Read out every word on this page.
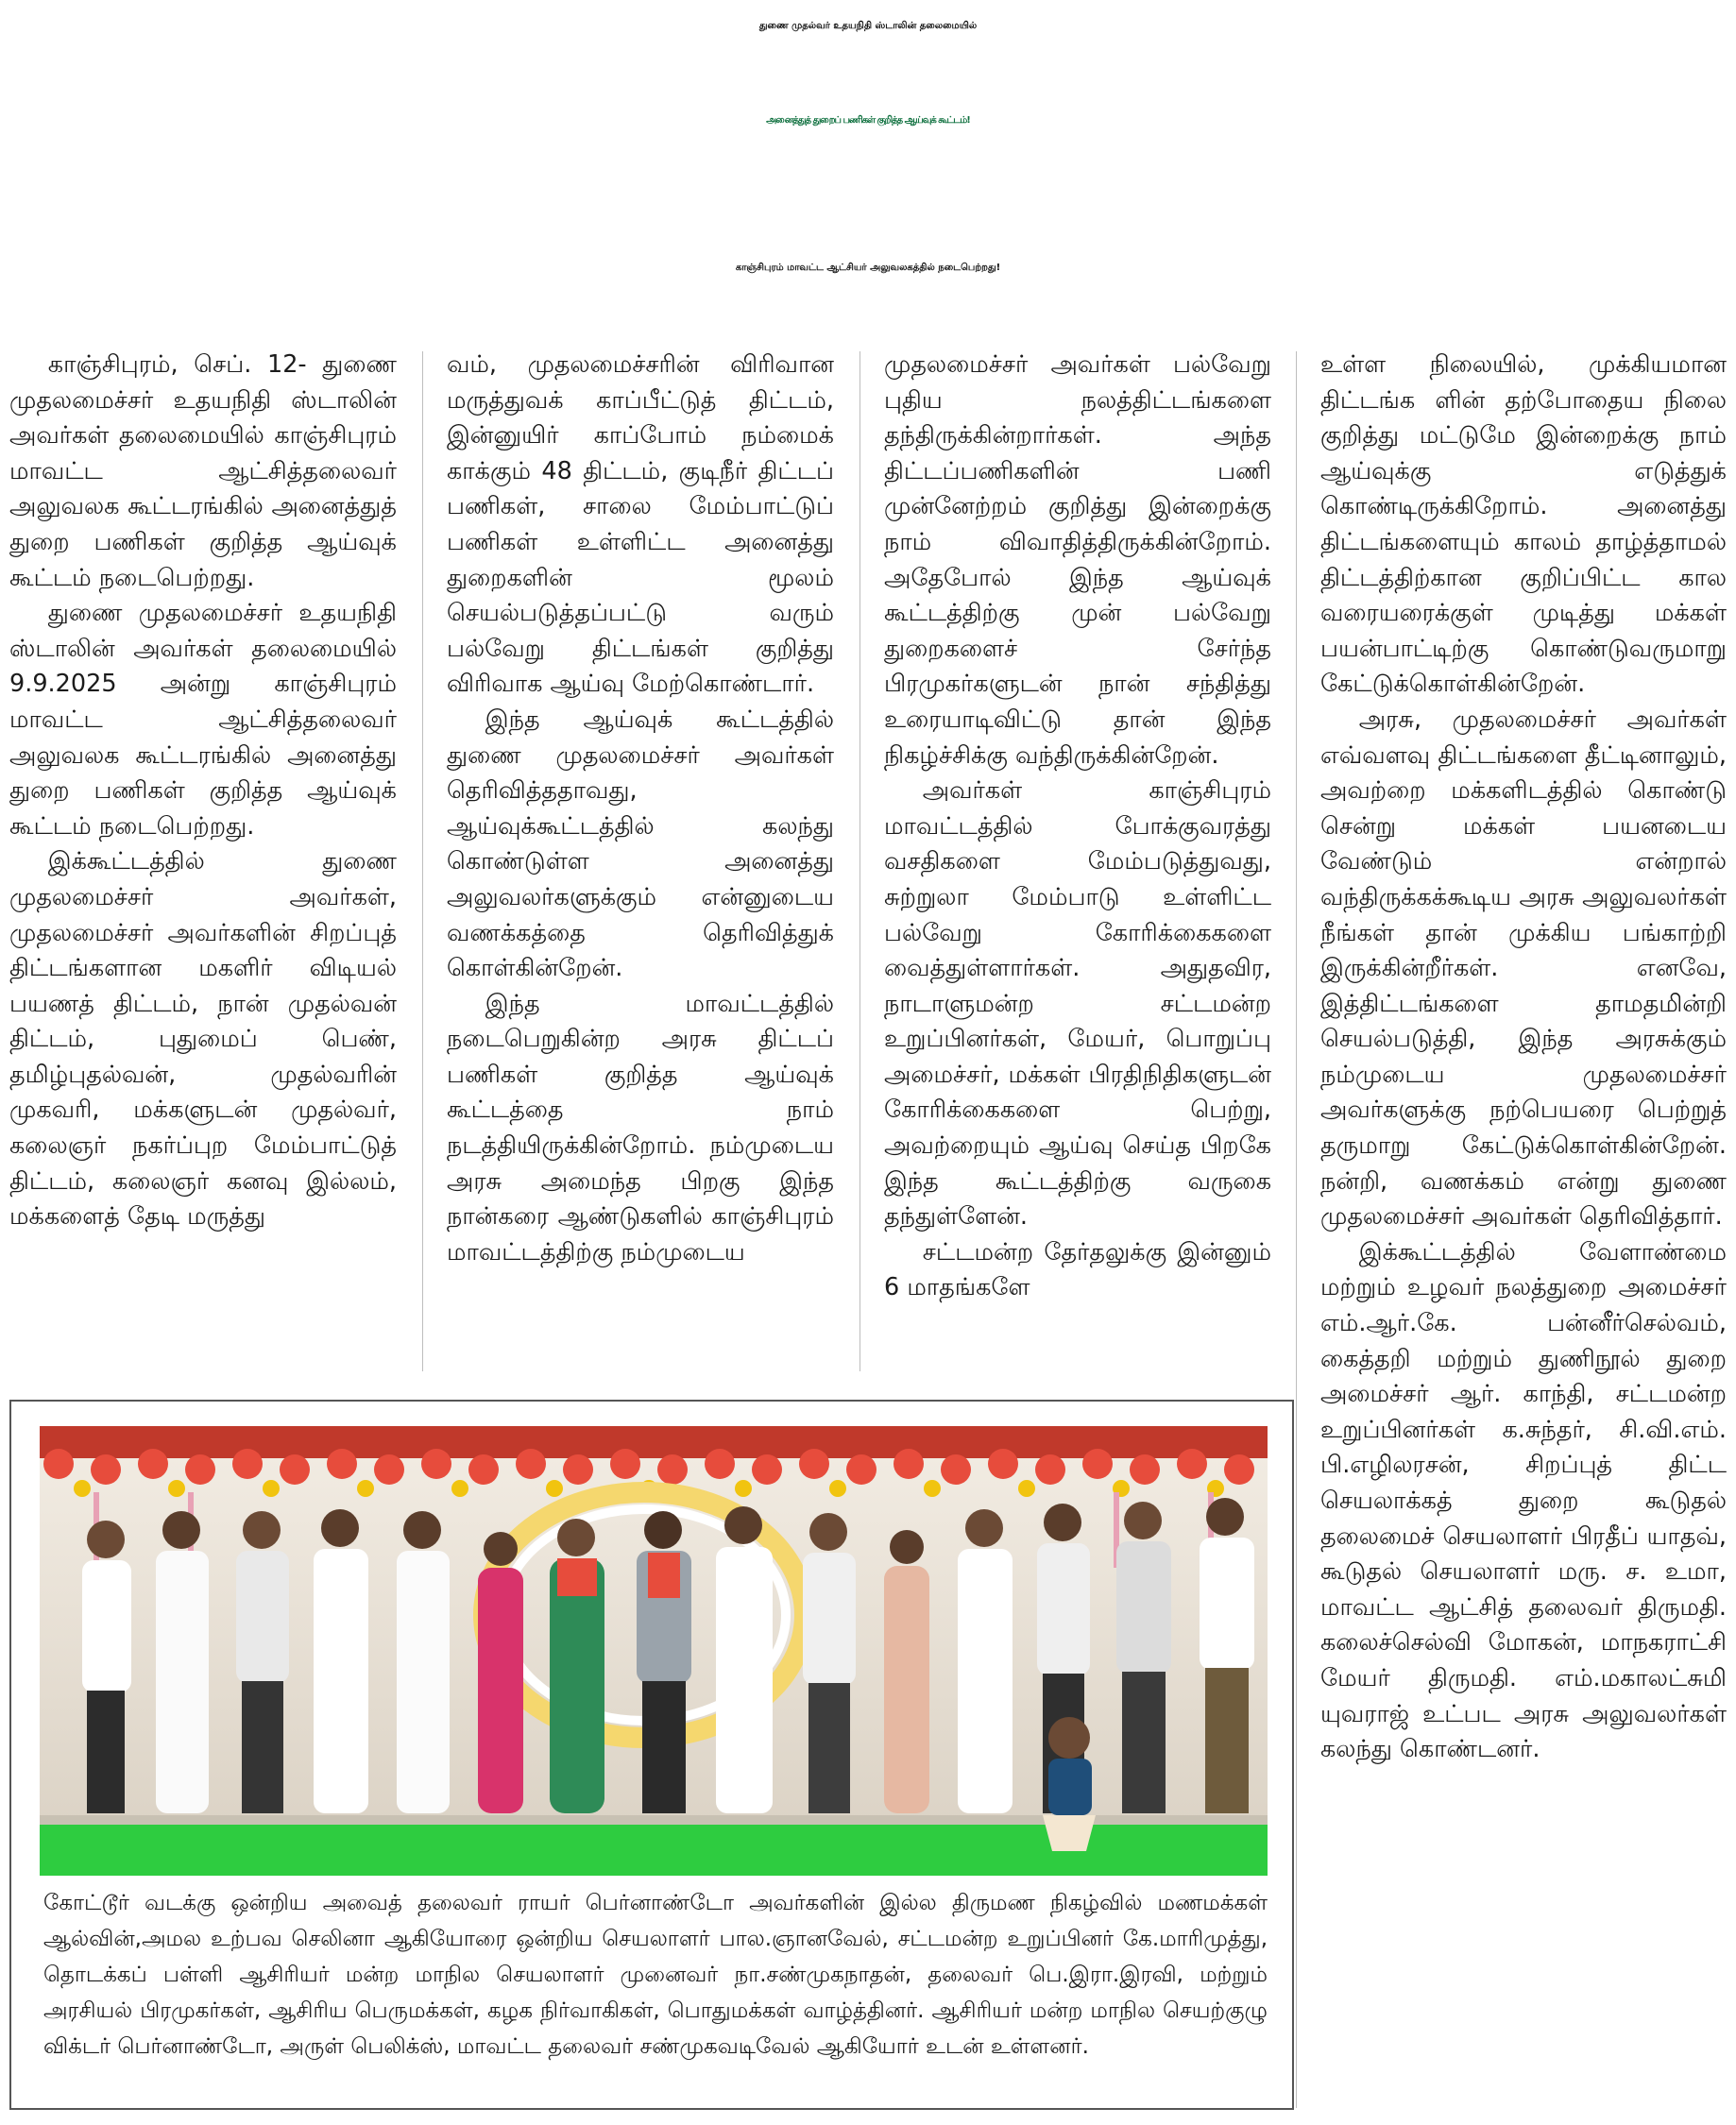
துணை முதல்வர் உதயநிதி ஸ்டாலின் தலைமையில்
அனைத்துத் துறைப் பணிகள் குறித்த ஆய்வுக் கூட்டம்!
காஞ்சிபுரம் மாவட்ட ஆட்சியர் அலுவலகத்தில் நடைபெற்றது!

காஞ்சிபுரம், செப். 12- துணை முதலமைச்சர் உதயநிதி ஸ்டாலின் அவர்கள் தலைமையில் காஞ்சிபுரம் மாவட்ட ஆட்சித்தலைவர் அலுவலக கூட்டரங்கில் அனைத்துத் துறை பணிகள் குறித்த ஆய்வுக் கூட்டம் நடைபெற்றது.

துணை முதலமைச்சர் உதயநிதி ஸ்டாலின் அவர்கள் தலைமையில் 9.9.2025 அன்று காஞ்சிபுரம் மாவட்ட ஆட்சித்தலைவர் அலுவலக கூட்டரங்கில் அனைத்து துறை பணிகள் குறித்த ஆய்வுக் கூட்டம் நடைபெற்றது.

இக்கூட்டத்தில் துணை முதலமைச்சர் அவர்கள், முதலமைச்சர் அவர்களின் சிறப்புத் திட்டங்களான மகளிர் விடியல் பயணத் திட்டம், நான் முதல்வன் திட்டம், புதுமைப் பெண், தமிழ்புதல்வன், முதல்வரின் முகவரி, மக்களுடன் முதல்வர், கலைஞர் நகர்ப்புற மேம்பாட்டுத் திட்டம், கலைஞர் கனவு இல்லம், மக்களைத் தேடி மருத்து

வம், முதலமைச்சரின் விரிவான மருத்துவக் காப்பீட்டுத் திட்டம், இன்னுயிர் காப்போம் நம்மைக் காக்கும் 48 திட்டம், குடிநீர் திட்டப் பணிகள், சாலை மேம்பாட்டுப் பணிகள் உள்ளிட்ட அனைத்து துறைகளின் மூலம் செயல்படுத்தப்பட்டு வரும் பல்வேறு திட்டங்கள் குறித்து விரிவாக ஆய்வு மேற்கொண்டார்.

இந்த ஆய்வுக் கூட்டத்தில் துணை முதலமைச்சர் அவர்கள் தெரிவித்ததாவது, ஆய்வுக்கூட்டத்தில் கலந்து கொண்டுள்ள அனைத்து அலுவலர்களுக்கும் என்னுடைய வணக்கத்தை தெரிவித்துக் கொள்கின்றேன்.

இந்த மாவட்டத்தில் நடைபெறுகின்ற அரசு திட்டப் பணிகள் குறித்த ஆய்வுக் கூட்டத்தை நாம் நடத்தியிருக்கின்றோம். நம்முடைய அரசு அமைந்த பிறகு இந்த நான்கரை ஆண்டுகளில் காஞ்சிபுரம் மாவட்டத்திற்கு நம்முடைய

முதலமைச்சர் அவர்கள் பல்வேறு புதிய நலத்திட்டங்களை தந்திருக்கின்றார்கள். அந்த திட்டப்பணிகளின் பணி முன்னேற்றம் குறித்து இன்றைக்கு நாம் விவாதித்திருக்கின்றோம். அதேபோல் இந்த ஆய்வுக் கூட்டத்திற்கு முன் பல்வேறு துறைகளைச் சேர்ந்த பிரமுகர்களுடன் நான் சந்தித்து உரையாடிவிட்டு தான் இந்த நிகழ்ச்சிக்கு வந்திருக்கின்றேன்.

அவர்கள் காஞ்சிபுரம் மாவட்டத்தில் போக்குவரத்து வசதிகளை மேம்படுத்துவது, சுற்றுலா மேம்பாடு உள்ளிட்ட பல்வேறு கோரிக்கைகளை வைத்துள்ளார்கள். அதுதவிர, நாடாளுமன்ற சட்டமன்ற உறுப்பினர்கள், மேயர், பொறுப்பு அமைச்சர், மக்கள் பிரதிநிதிகளுடன் கோரிக்கைகளை பெற்று, அவற்றையும் ஆய்வு செய்த பிறகே இந்த கூட்டத்திற்கு வருகை தந்துள்ளேன்.

சட்டமன்ற தேர்தலுக்கு இன்னும் 6 மாதங்களே

உள்ள நிலையில், முக்கியமான திட்டங்க ளின் தற்போதைய நிலை குறித்து மட்டுமே இன்றைக்கு நாம் ஆய்வுக்கு எடுத்துக் கொண்டிருக்கிறோம். அனைத்து திட்டங்களையும் காலம் தாழ்த்தாமல் திட்டத்திற்கான குறிப்பிட்ட கால வரையரைக்குள் முடித்து மக்கள் பயன்பாட்டிற்கு கொண்டுவருமாறு கேட்டுக்கொள்கின்றேன்.

அரசு, முதலமைச்சர் அவர்கள் எவ்வளவு திட்டங்களை தீட்டினாலும், அவற்றை மக்களிடத்தில் கொண்டு சென்று மக்கள் பயனடைய வேண்டும் என்றால் வந்திருக்கக்கூடிய அரசு அலுவலர்கள் நீங்கள் தான் முக்கிய பங்காற்றி இருக்கின்றீர்கள். எனவே, இத்திட்டங்களை தாமதமின்றி செயல்படுத்தி, இந்த அரசுக்கும் நம்முடைய முதலமைச்சர் அவர்களுக்கு நற்பெயரை பெற்றுத் தருமாறு கேட்டுக்கொள்கின்றேன். நன்றி, வணக்கம் என்று துணை முதலமைச்சர் அவர்கள் தெரிவித்தார்.

இக்கூட்டத்தில் வேளாண்மை மற்றும் உழவர் நலத்துறை அமைச்சர் எம்.ஆர்.கே. பன்னீர்செல்வம், கைத்தறி மற்றும் துணிநூல் துறை அமைச்சர் ஆர். காந்தி, சட்டமன்ற உறுப்பினர்கள் க.சுந்தர், சி.வி.எம். பி.எழிலரசன், சிறப்புத் திட்ட செயலாக்கத் துறை கூடுதல் தலைமைச் செயலாளர் பிரதீப் யாதவ், கூடுதல் செயலாளர் மரு. ச. உமா, மாவட்ட ஆட்சித் தலைவர் திருமதி. கலைச்செல்வி மோகன், மாநகராட்சி மேயர் திருமதி. எம்.மகாலட்சுமி யுவராஜ் உட்பட அரசு அலுவலர்கள் கலந்து கொண்டனர்.

கோட்டூர் வடக்கு ஒன்றிய அவைத் தலைவர் ராயர் பெர்னாண்டோ அவர்களின் இல்ல திருமண நிகழ்வில் மணமக்கள் ஆல்வின்,அமல உற்பவ செலினா ஆகியோரை ஒன்றிய செயலாளர் பால.ஞானவேல், சட்டமன்ற உறுப்பினர் கே.மாரிமுத்து, தொடக்கப் பள்ளி ஆசிரியர் மன்ற மாநில செயலாளர் முனைவர் நா.சண்முகநாதன், தலைவர் பெ.இரா.இரவி, மற்றும் அரசியல் பிரமுகர்கள், ஆசிரிய பெருமக்கள், கழக நிர்வாகிகள், பொதுமக்கள் வாழ்த்தினர். ஆசிரியர் மன்ற மாநில செயற்குழு விக்டர் பெர்னாண்டோ, அருள் பெலிக்ஸ், மாவட்ட தலைவர் சண்முகவடிவேல் ஆகியோர் உடன் உள்ளனர்.
